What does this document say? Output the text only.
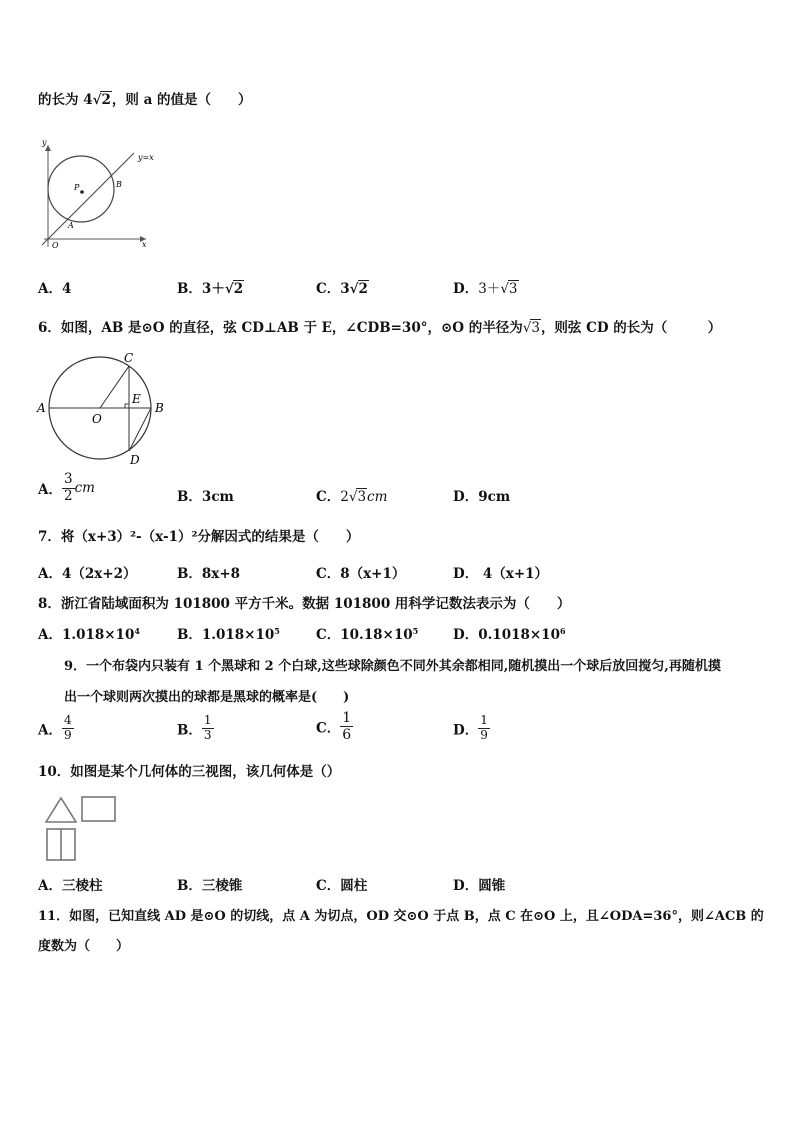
的长为 4√2，则 a 的值是（　　）
y
x
O
P
A
B
y=x
A．4	B．3＋√2	C．3√2	D．3＋√3
6．如图，AB 是⊙O 的直径，弦 CD⊥AB 于 E，∠CDB=30°，⊙O 的半径为√3，则弦 CD 的长为（　　　）
A	B
C
D
E
O
A． $\frac{3}{2}$ cm
B．3cm	C．2√3cm	D．9cm
7．将（x+3）²-（x-1）²分解因式的结果是（　　）
A．4（2x+2）	B．8x+8	C．8（x+1）	D． 4（x+1）
8．浙江省陆域面积为 101800 平方千米。数据 101800 用科学记数法表示为（　　）
A．$1.018\times 10^4$	B．$1.018\times 10^5$	C．$10.18\times 10^5$	D．$0.1018\times 10^6$
9．一个布袋内只装有 1 个黑球和 2 个白球,这些球除颜色不同外其余都相同,随机摸出一个球后放回搅匀,再随机摸
出一个球则两次摸出的球都是黑球的概率是(　　)
A． $\frac{4}{9}$	B． $\frac{1}{3}$	C． $\frac{1}{6}$	D． $\frac{1}{9}$
10．如图是某个几何体的三视图，该几何体是（）
A．三棱柱	B．三棱锥	C．圆柱	D．圆锥
11．如图，已知直线 AD 是⊙O 的切线，点 A 为切点，OD 交⊙O 于点 B，点 C 在⊙O 上，且∠ODA=36°，则∠ACB 的
度数为（　　）
